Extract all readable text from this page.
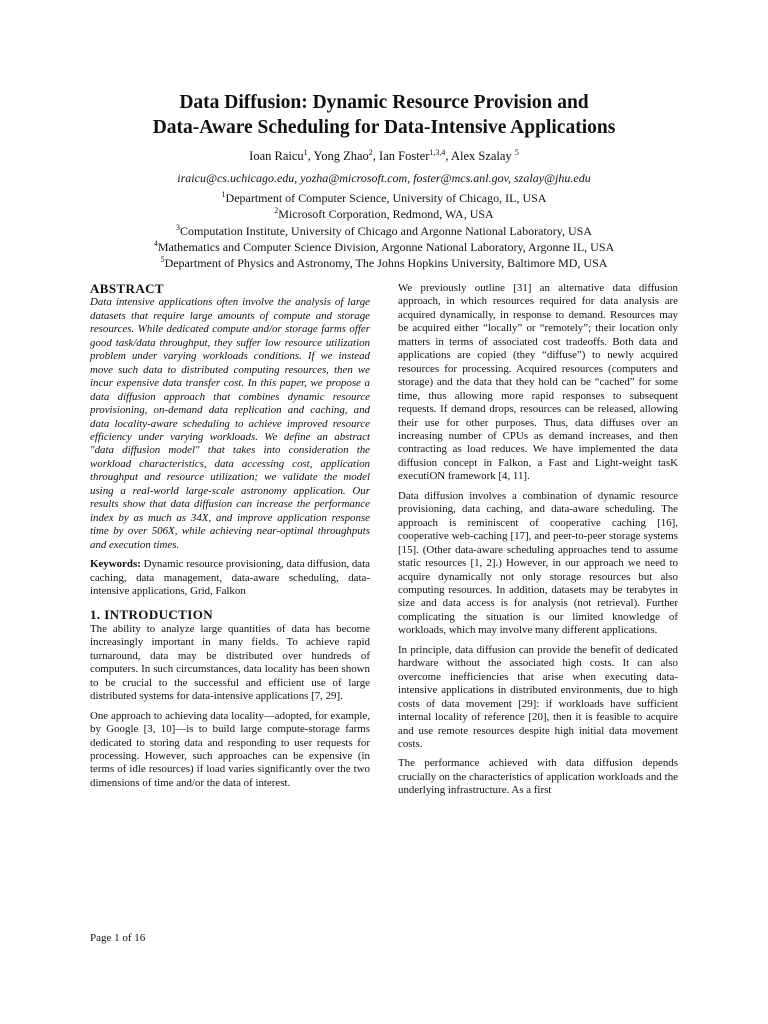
Data Diffusion: Dynamic Resource Provision and
Data-Aware Scheduling for Data-Intensive Applications
Ioan Raicu$^1$, Yong Zhao$^2$, Ian Foster$^{1,3,4}$, Alex Szalay $^5$
iraicu@cs.uchicago.edu, yozha@microsoft.com, foster@mcs.anl.gov, szalay@jhu.edu
$^1$Department of Computer Science, University of Chicago, IL, USA
$^2$Microsoft Corporation, Redmond, WA, USA
$^3$Computation Institute, University of Chicago and Argonne National Laboratory, USA
$^4$Mathematics and Computer Science Division, Argonne National Laboratory, Argonne IL, USA
$^5$Department of Physics and Astronomy, The Johns Hopkins University, Baltimore MD, USA
ABSTRACT

Data intensive applications often involve the analysis of large datasets that require large amounts of compute and storage resources. While dedicated compute and/or storage farms offer good task/data throughput, they suffer low resource utilization problem under varying workloads conditions. If we instead move such data to distributed computing resources, then we incur expensive data transfer cost. In this paper, we propose a data diffusion approach that combines dynamic resource provisioning, on-demand data replication and caching, and data locality-aware scheduling to achieve improved resource efficiency under varying workloads. We define an abstract "data diffusion model" that takes into consideration the workload characteristics, data accessing cost, application throughput and resource utilization; we validate the model using a real-world large-scale astronomy application. Our results show that data diffusion can increase the performance index by as much as 34X, and improve application response time by over 506X, while achieving near-optimal throughputs and execution times.

Keywords: Dynamic resource provisioning, data diffusion, data caching, data management, data-aware scheduling, data-intensive applications, Grid, Falkon

1. INTRODUCTION

The ability to analyze large quantities of data has become increasingly important in many fields. To achieve rapid turnaround, data may be distributed over hundreds of computers. In such circumstances, data locality has been shown to be crucial to the successful and efficient use of large distributed systems for data-intensive applications [7, 29].

One approach to achieving data locality—adopted, for example, by Google [3, 10]—is to build large compute-storage farms dedicated to storing data and responding to user requests for processing. However, such approaches can be expensive (in terms of idle resources) if load varies significantly over the two dimensions of time and/or the data of interest.

We previously outline [31] an alternative data diffusion approach, in which resources required for data analysis are acquired dynamically, in response to demand. Resources may be acquired either “locally” or “remotely”; their location only matters in terms of associated cost tradeoffs. Both data and applications are copied (they “diffuse”) to newly acquired resources for processing. Acquired resources (computers and storage) and the data that they hold can be “cached” for some time, thus allowing more rapid responses to subsequent requests. If demand drops, resources can be released, allowing their use for other purposes. Thus, data diffuses over an increasing number of CPUs as demand increases, and then contracting as load reduces. We have implemented the data diffusion concept in Falkon, a Fast and Light-weight tasK executiON framework [4, 11].

Data diffusion involves a combination of dynamic resource provisioning, data caching, and data-aware scheduling. The approach is reminiscent of cooperative caching [16], cooperative web-caching [17], and peer-to-peer storage systems [15]. (Other data-aware scheduling approaches tend to assume static resources [1, 2].) However, in our approach we need to acquire dynamically not only storage resources but also computing resources. In addition, datasets may be terabytes in size and data access is for analysis (not retrieval). Further complicating the situation is our limited knowledge of workloads, which may involve many different applications.

In principle, data diffusion can provide the benefit of dedicated hardware without the associated high costs. It can also overcome inefficiencies that arise when executing data-intensive applications in distributed environments, due to high costs of data movement [29]: if workloads have sufficient internal locality of reference [20], then it is feasible to acquire and use remote resources despite high initial data movement costs.

The performance achieved with data diffusion depends crucially on the characteristics of application workloads and the underlying infrastructure. As a first

Page 1 of 16
